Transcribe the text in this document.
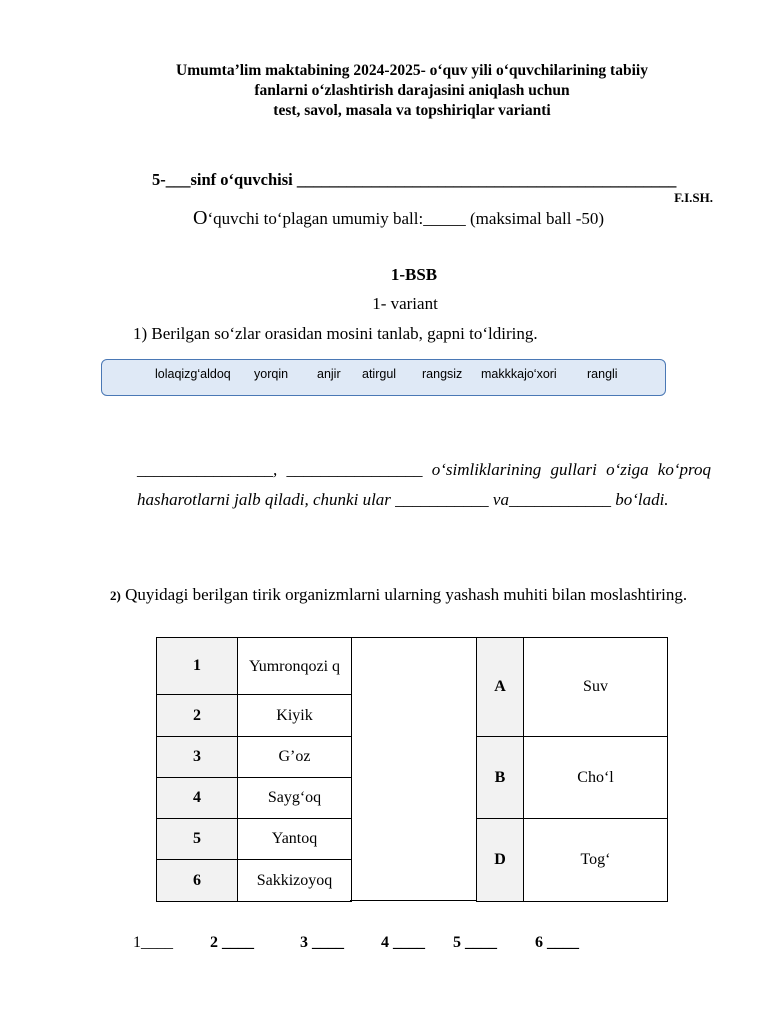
Umumta’lim maktabining 2024-2025- o‘quv yili o‘quvchilarining tabiiy
fanlarni o‘zlashtirish darajasini aniqlash uchun
test, savol, masala va topshiriqlar varianti
5-___sinf o‘quvchisi ______________________________________________
F.I.SH.
O‘quvchi to‘plagan umumiy ball:_____ (maksimal ball -50)
1-BSB
1- variant
1) Berilgan so‘zlar orasidan mosini tanlab, gapni to‘ldiring.
lolaqizg‘aldoq yorqin anjir atirgul rangsiz makkkajo‘xori rangli
________________, ________________ o‘simliklarining gullari o‘ziga ko‘proq hasharotlarni jalb qiladi, chunki ular ___________ va____________ bo‘ladi.
2) Quyidagi berilgan tirik organizmlarni ularning yashash muhiti bilan moslashtiring.
1	Yumronqozi q
2	Kiyik
3	G’oz
4	Sayg‘oq
5	Yantoq
6	Sakkizoyoq
A	Suv
B	Cho‘l
D	Tog‘
1____ 2 ____	3 ____ 4 ____ 5 ____ 6 ____
